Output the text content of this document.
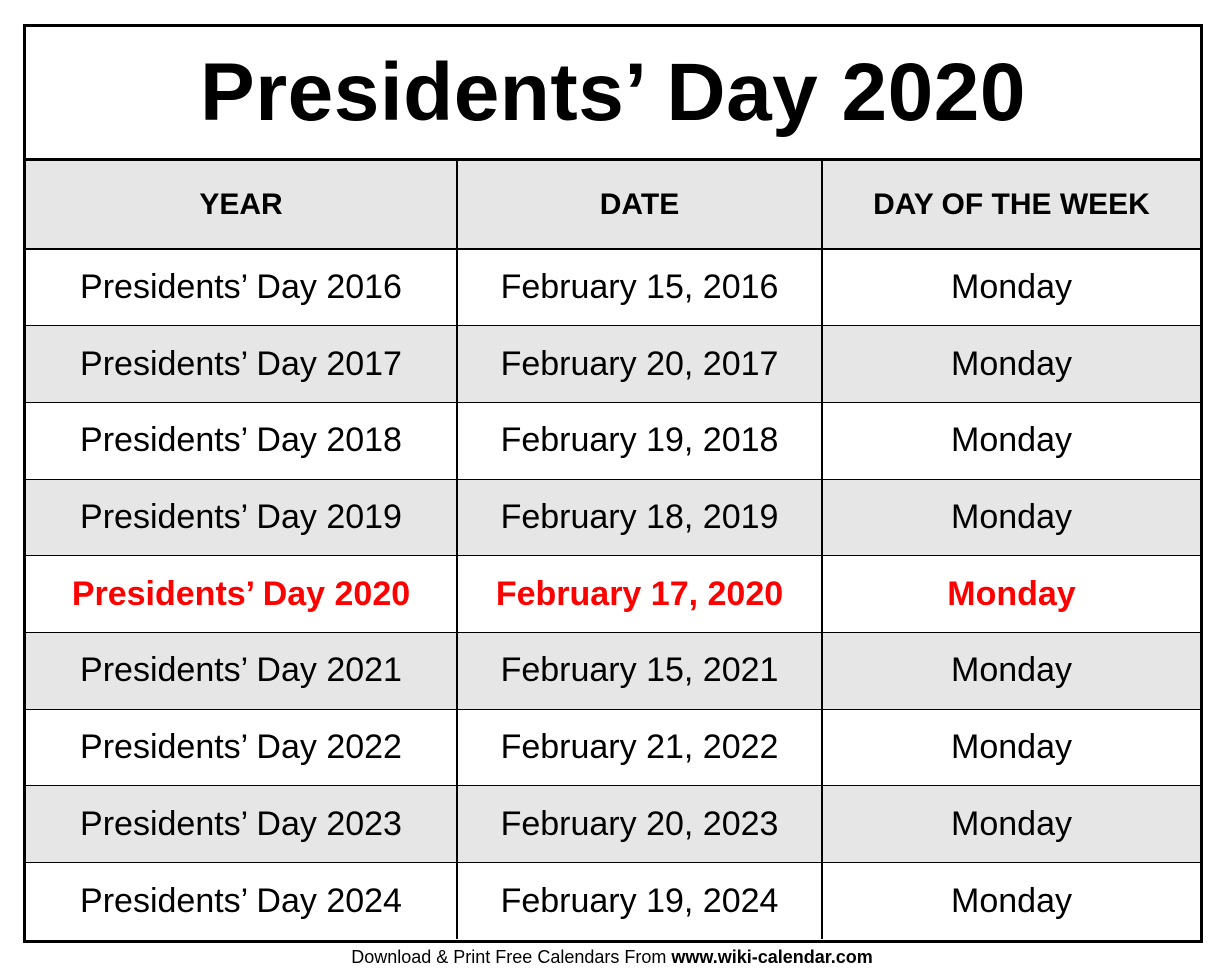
Presidents’ Day 2020
YEAR	DATE	DAY OF THE WEEK
Presidents’ Day 2016	February 15, 2016	Monday
Presidents’ Day 2017	February 20, 2017	Monday
Presidents’ Day 2018	February 19, 2018	Monday
Presidents’ Day 2019	February 18, 2019	Monday
Presidents’ Day 2020	February 17, 2020	Monday
Presidents’ Day 2021	February 15, 2021	Monday
Presidents’ Day 2022	February 21, 2022	Monday
Presidents’ Day 2023	February 20, 2023	Monday
Presidents’ Day 2024	February 19, 2024	Monday
Download & Print Free Calendars From www.wiki-calendar.com
